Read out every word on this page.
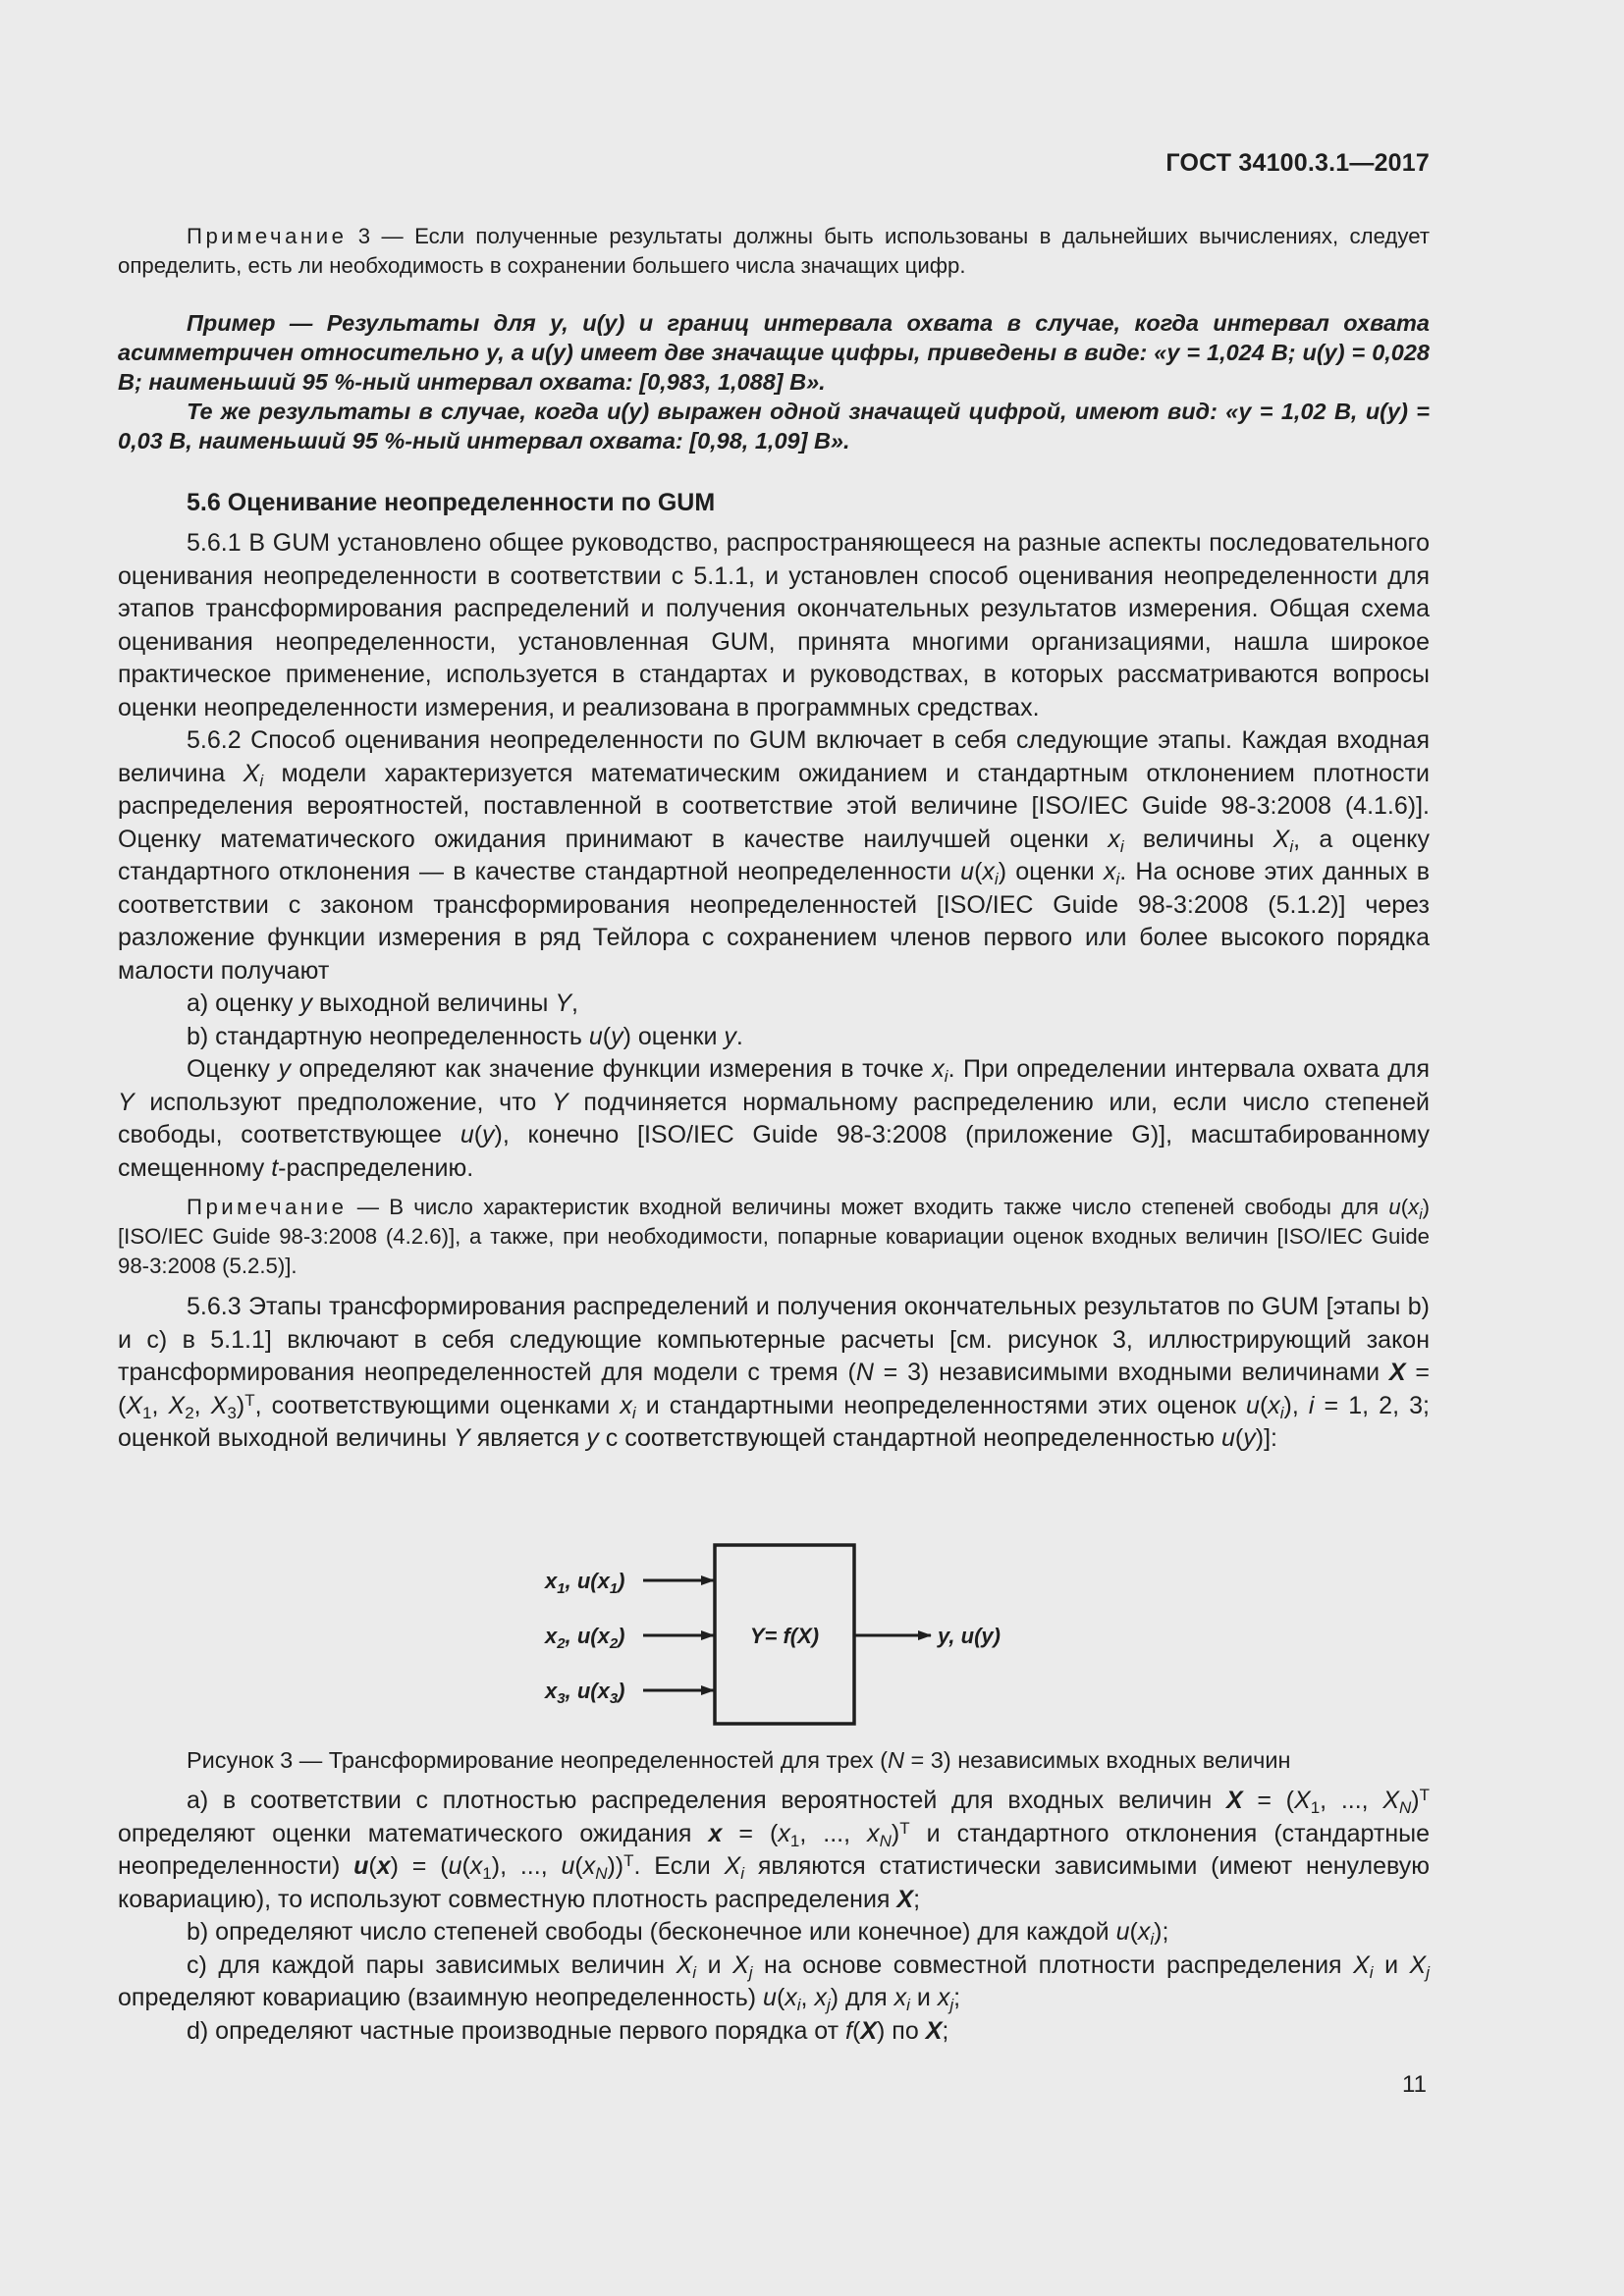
ГОСТ 34100.3.1—2017

Примечание 3 — Если полученные результаты должны быть использованы в дальнейших вычислениях, следует определить, есть ли необходимость в сохранении большего числа значащих цифр.

Пример — Результаты для y, u(y) и границ интервала охвата в случае, когда интервал охвата асимметричен относительно y, а u(y) имеет две значащие цифры, приведены в виде: «y = 1,024 В; u(y) = 0,028 В; наименьший 95 %-ный интервал охвата: [0,983, 1,088] В».

Те же результаты в случае, когда u(y) выражен одной значащей цифрой, имеют вид: «y = 1,02 В, u(y) = 0,03 В, наименьший 95 %-ный интервал охвата: [0,98, 1,09] В».

5.6 Оценивание неопределенности по GUM

5.6.1 В GUM установлено общее руководство, распространяющееся на разные аспекты последовательного оценивания неопределенности в соответствии с 5.1.1, и установлен способ оценивания неопределенности для этапов трансформирования распределений и получения окончательных результатов измерения. Общая схема оценивания неопределенности, установленная GUM, принята многими организациями, нашла широкое практическое применение, используется в стандартах и руководствах, в которых рассматриваются вопросы оценки неопределенности измерения, и реализована в программных средствах.

5.6.2 Способ оценивания неопределенности по GUM включает в себя следующие этапы. Каждая входная величина $X_i$ модели характеризуется математическим ожиданием и стандартным отклонением плотности распределения вероятностей, поставленной в соответствие этой величине [ISO/IEC Guide 98-3:2008 (4.1.6)]. Оценку математического ожидания принимают в качестве наилучшей оценки $x_i$ величины $X_i$, а оценку стандартного отклонения — в качестве стандартной неопределенности $u(x_i)$ оценки $x_i$. На основе этих данных в соответствии с законом трансформирования неопределенностей [ISO/IEC Guide 98-3:2008 (5.1.2)] через разложение функции измерения в ряд Тейлора с сохранением членов первого или более высокого порядка малости получают

a) оценку y выходной величины Y,

b) стандартную неопределенность u(y) оценки y.

Оценку y определяют как значение функции измерения в точке $x_i$. При определении интервала охвата для Y используют предположение, что Y подчиняется нормальному распределению или, если число степеней свободы, соответствующее u(y), конечно [ISO/IEC Guide 98-3:2008 (приложение G)], масштабированному смещенному t-распределению.

Примечание — В число характеристик входной величины может входить также число степеней свободы для $u(x_i)$ [ISO/IEC Guide 98-3:2008 (4.2.6)], а также, при необходимости, попарные ковариации оценок входных величин [ISO/IEC Guide 98-3:2008 (5.2.5)].

5.6.3 Этапы трансформирования распределений и получения окончательных результатов по GUM [этапы b) и c) в 5.1.1] включают в себя следующие компьютерные расчеты [см. рисунок 3, иллюстрирующий закон трансформирования неопределенностей для модели с тремя (N = 3) независимыми входными величинами $X = (X_1$, $X_2$, $X_3)^T$, соответствующими оценками $x_i$ и стандартными неопределенностями этих оценок $u(x_i)$, i = 1, 2, 3; оценкой выходной величины Y является y с соответствующей стандартной неопределенностью u(y)]:

$x_1$, $u(x_1)$
$x_2$, $u(x_2)$
$x_3$, $u(x_3)$
Y= f(X)	y, u(y)
Рисунок 3 — Трансформирование неопределенностей для трех (N = 3) независимых входных величин

a) в соответствии с плотностью распределения вероятностей для входных величин $X = (X_1$, ..., $X_N)^T$ определяют оценки математического ожидания $x = (x_1$, ..., $x_N)^T$ и стандартного отклонения (стандартные неопределенности) $u(x) = (u(x_1)$, ..., $u(x_N))^T$. Если $X_i$ являются статистически зависимыми (имеют ненулевую ковариацию), то используют совместную плотность распределения X;

b) определяют число степеней свободы (бесконечное или конечное) для каждой $u(x_i)$;

c) для каждой пары зависимых величин $X_i$ и $X_j$ на основе совместной плотности распределения $X_i$ и $X_j$ определяют ковариацию (взаимную неопределенность) $u(x_i$, $x_j$) для $x_i$ и $x_j$;

d) определяют частные производные первого порядка от f(X) по X;

11
